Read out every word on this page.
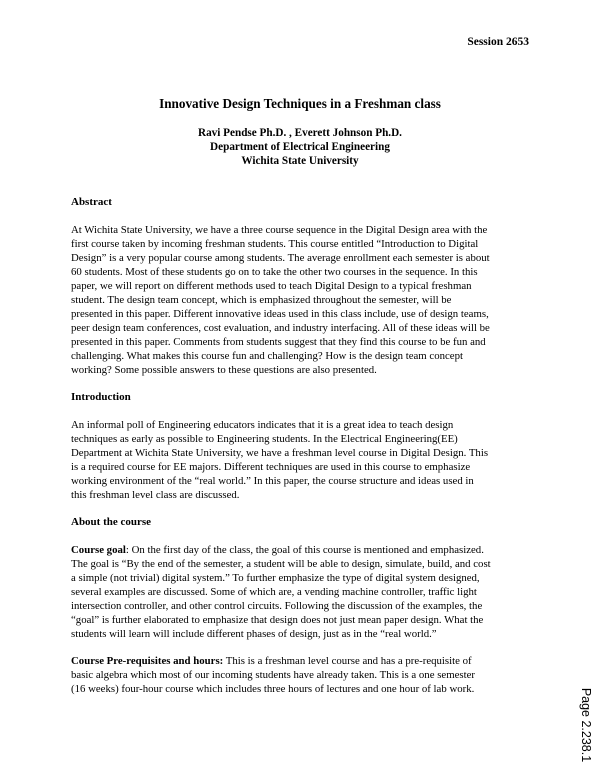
Session 2653
Innovative Design Techniques in a Freshman class
Ravi Pendse Ph.D. , Everett Johnson Ph.D.
Department of Electrical Engineering
Wichita State University
Abstract

At Wichita State University, we have a three course sequence in the Digital Design area with the
first course taken by incoming freshman students. This course entitled “Introduction to Digital
Design” is a very popular course among students. The average enrollment each semester is about
60 students. Most of these students go on to take the other two courses in the sequence. In this
paper, we will report on different methods used to teach Digital Design to a typical freshman
student. The design team concept, which is emphasized throughout the semester, will be
presented in this paper. Different innovative ideas used in this class include, use of design teams,
peer design team conferences, cost evaluation, and industry interfacing. All of these ideas will be
presented in this paper. Comments from students suggest that they find this course to be fun and
challenging. What makes this course fun and challenging? How is the design team concept
working? Some possible answers to these questions are also presented.

Introduction

An informal poll of Engineering educators indicates that it is a great idea to teach design
techniques as early as possible to Engineering students. In the Electrical Engineering(EE)
Department at Wichita State University, we have a freshman level course in Digital Design. This
is a required course for EE majors. Different techniques are used in this course to emphasize
working environment of the “real world.” In this paper, the course structure and ideas used in
this freshman level class are discussed.

About the course

Course goal: On the first day of the class, the goal of this course is mentioned and emphasized.
The goal is “By the end of the semester, a student will be able to design, simulate, build, and cost
a simple (not trivial) digital system.” To further emphasize the type of digital system designed,
several examples are discussed. Some of which are, a vending machine controller, traffic light
intersection controller, and other control circuits. Following the discussion of the examples, the
“goal” is further elaborated to emphasize that design does not just mean paper design. What the
students will learn will include different phases of design, just as in the “real world.”

Course Pre-requisites and hours: This is a freshman level course and has a pre-requisite of
basic algebra which most of our incoming students have already taken. This is a one semester
(16 weeks) four-hour course which includes three hours of lectures and one hour of lab work.	Page 2.238.1
